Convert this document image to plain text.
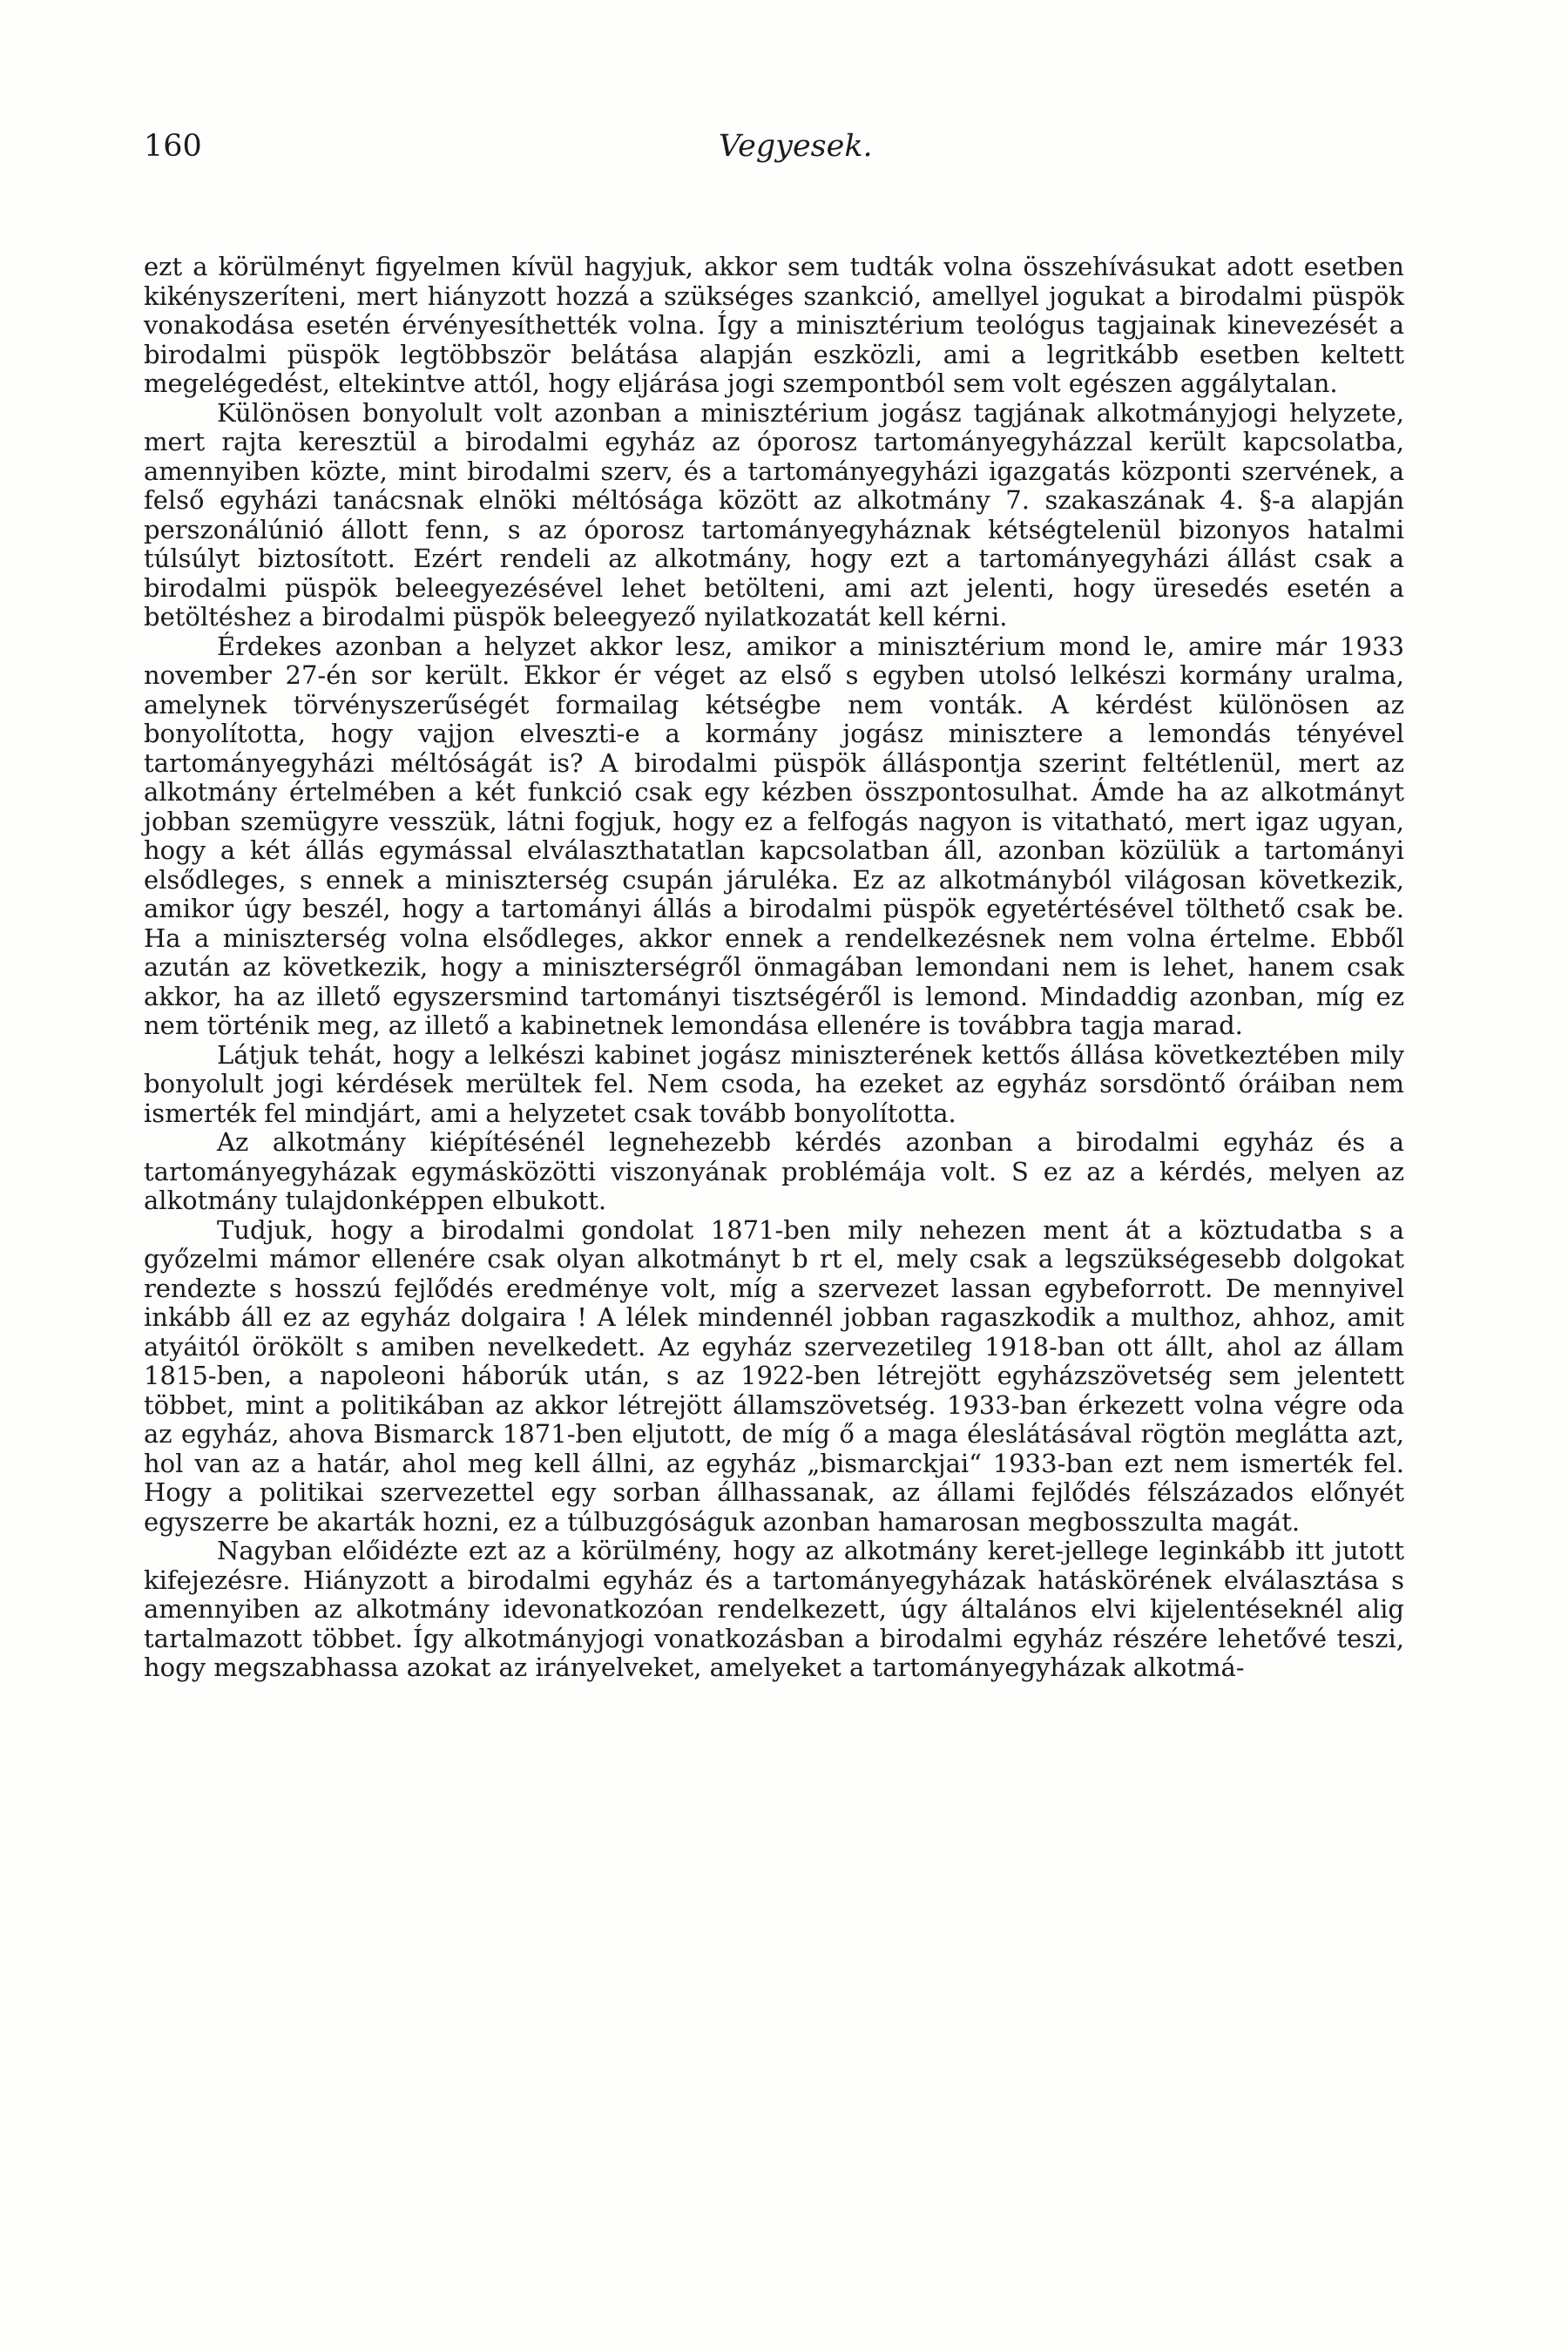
160	Vegyesek.

ezt a körülményt figyelmen kívül hagyjuk, akkor sem tudták volna összehívásukat adott esetben kikényszeríteni, mert hiányzott hozzá a szükséges szankció, amellyel jogukat a birodalmi püspök vonakodása esetén érvényesíthették volna. Így a minisztérium teológus tagjainak kinevezését a birodalmi püspök legtöbbször belátása alapján eszközli, ami a legritkább esetben keltett megelégedést, eltekintve attól, hogy eljárása jogi szempontból sem volt egészen aggálytalan.

Különösen bonyolult volt azonban a minisztérium jogász tagjának alkotmányjogi helyzete, mert rajta keresztül a birodalmi egyház az óporosz tartományegyházzal került kapcsolatba, amennyiben közte, mint birodalmi szerv, és a tartományegyházi igazgatás központi szervének, a felső egyházi tanácsnak elnöki méltósága között az alkotmány 7. szakaszának 4. §-a alapján perszonálúnió állott fenn, s az óporosz tartományegyháznak kétségtelenül bizonyos hatalmi túlsúlyt biztosított. Ezért rendeli az alkotmány, hogy ezt a tartományegyházi állást csak a birodalmi püspök beleegyezésével lehet betölteni, ami azt jelenti, hogy üresedés esetén a betöltéshez a birodalmi püspök beleegyező nyilatkozatát kell kérni.

Érdekes azonban a helyzet akkor lesz, amikor a minisztérium mond le, amire már 1933 november 27-én sor került. Ekkor ér véget az első s egyben utolsó lelkészi kormány uralma, amelynek törvényszerűségét formailag kétségbe nem vonták. A kérdést különösen az bonyolította, hogy vajjon elveszti-e a kormány jogász minisztere a lemondás tényével tartományegyházi méltóságát is? A birodalmi püspök álláspontja szerint feltétlenül, mert az alkotmány értelmében a két funkció csak egy kézben összpontosulhat. Ámde ha az alkotmányt jobban szemügyre vesszük, látni fogjuk, hogy ez a felfogás nagyon is vitatható, mert igaz ugyan, hogy a két állás egymással elválaszthatatlan kapcsolatban áll, azonban közülük a tartományi elsődleges, s ennek a miniszterség csupán járuléka. Ez az alkotmányból világosan következik, amikor úgy beszél, hogy a tartományi állás a birodalmi püspök egyetértésével tölthető csak be. Ha a miniszterség volna elsődleges, akkor ennek a rendelkezésnek nem volna értelme. Ebből azután az következik, hogy a miniszterségről önmagában lemondani nem is lehet, hanem csak akkor, ha az illető egyszersmind tartományi tisztségéről is lemond. Mindaddig azonban, míg ez nem történik meg, az illető a kabinetnek lemondása ellenére is továbbra tagja marad.

Látjuk tehát, hogy a lelkészi kabinet jogász miniszterének kettős állása következtében mily bonyolult jogi kérdések merültek fel. Nem csoda, ha ezeket az egyház sorsdöntő óráiban nem ismerték fel mindjárt, ami a helyzetet csak tovább bonyolította.

Az alkotmány kiépítésénél legnehezebb kérdés azonban a birodalmi egyház és a tartományegyházak egymásközötti viszonyának problémája volt. S ez az a kérdés, melyen az alkotmány tulajdonképpen elbukott.

Tudjuk, hogy a birodalmi gondolat 1871-ben mily nehezen ment át a köztudatba s a győzelmi mámor ellenére csak olyan alkotmányt b rt el, mely csak a legszükségesebb dolgokat rendezte s hosszú fejlődés eredménye volt, míg a szervezet lassan egybeforrott. De mennyivel inkább áll ez az egyház dolgaira ! A lélek mindennél jobban ragaszkodik a multhoz, ahhoz, amit atyáitól örökölt s amiben nevelkedett. Az egyház szervezetileg 1918-ban ott állt, ahol az állam 1815-ben, a napoleoni háborúk után, s az 1922-ben létrejött egyházszövetség sem jelentett többet, mint a politikában az akkor létrejött államszövetség. 1933-ban érkezett volna végre oda az egyház, ahova Bismarck 1871-ben eljutott, de míg ő a maga éleslátásával rögtön meglátta azt, hol van az a határ, ahol meg kell állni, az egyház „bismarckjai“ 1933-ban ezt nem ismerték fel. Hogy a politikai szervezettel egy sorban állhassanak, az állami fejlődés félszázados előnyét egyszerre be akarták hozni, ez a túlbuzgóságuk azonban hamarosan megbosszulta magát.

Nagyban előidézte ezt az a körülmény, hogy az alkotmány keret-jellege leginkább itt jutott kifejezésre. Hiányzott a birodalmi egyház és a tartományegyházak hatáskörének elválasztása s amennyiben az alkotmány idevonatkozóan rendelkezett, úgy általános elvi kijelentéseknél alig tartalmazott többet. Így alkotmányjogi vonatkozásban a birodalmi egyház részére lehetővé teszi, hogy megszabhassa azokat az irányelveket, amelyeket a tartományegyházak alkotmá-
